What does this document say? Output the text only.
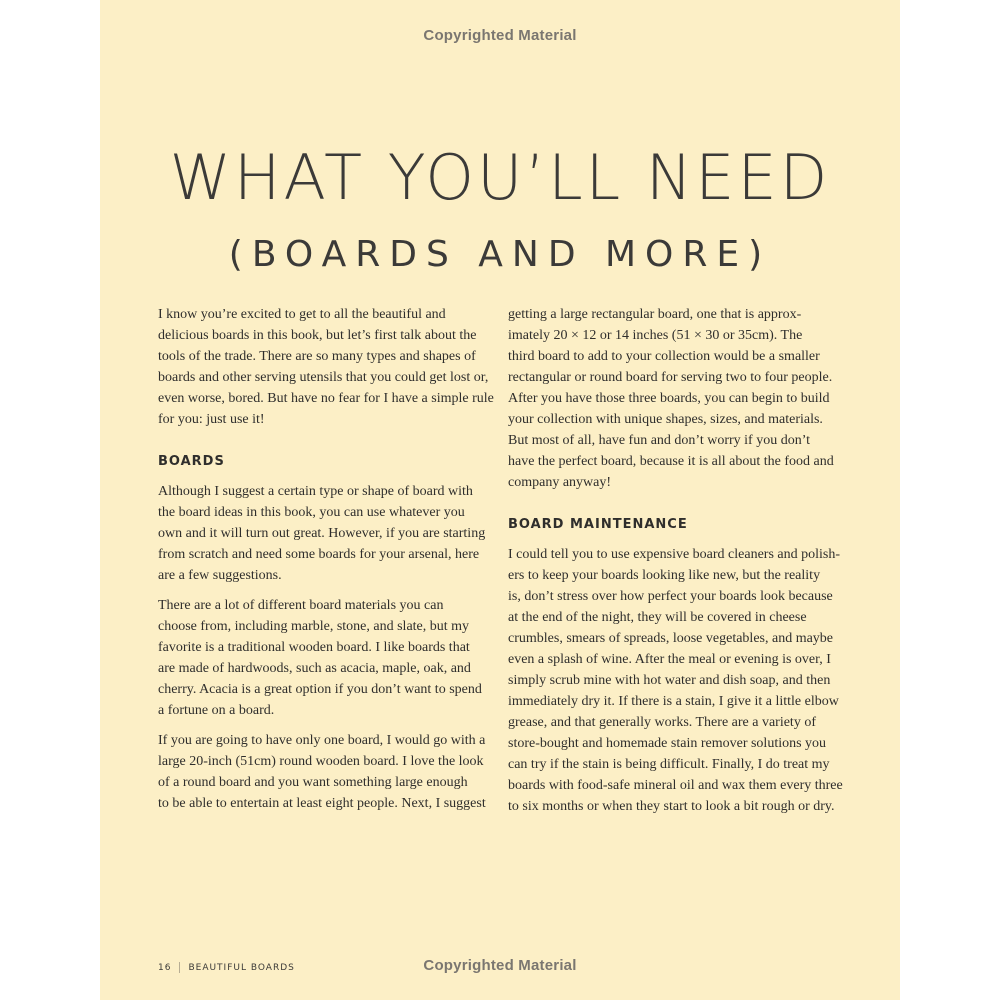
Copyrighted Material
WHAT YOU’LL NEED
(BOARDS AND MORE)

I know you’re excited to get to all the beautiful and
delicious boards in this book, but let’s first talk about the
tools of the trade. There are so many types and shapes of
boards and other serving utensils that you could get lost or,
even worse, bored. But have no fear for I have a simple rule
for you: just use it!

BOARDS

Although I suggest a certain type or shape of board with
the board ideas in this book, you can use whatever you
own and it will turn out great. However, if you are starting
from scratch and need some boards for your arsenal, here
are a few suggestions.

There are a lot of different board materials you can
choose from, including marble, stone, and slate, but my
favorite is a traditional wooden board. I like boards that
are made of hardwoods, such as acacia, maple, oak, and
cherry. Acacia is a great option if you don’t want to spend
a fortune on a board.

If you are going to have only one board, I would go with a
large 20-inch (51cm) round wooden board. I love the look
of a round board and you want something large enough
to be able to entertain at least eight people. Next, I suggest

getting a large rectangular board, one that is approx-
imately 20 × 12 or 14 inches (51 × 30 or 35cm). The
third board to add to your collection would be a smaller
rectangular or round board for serving two to four people.
After you have those three boards, you can begin to build
your collection with unique shapes, sizes, and materials.
But most of all, have fun and don’t worry if you don’t
have the perfect board, because it is all about the food and
company anyway!

BOARD MAINTENANCE

I could tell you to use expensive board cleaners and polish-
ers to keep your boards looking like new, but the reality
is, don’t stress over how perfect your boards look because
at the end of the night, they will be covered in cheese
crumbles, smears of spreads, loose vegetables, and maybe
even a splash of wine. After the meal or evening is over, I
simply scrub mine with hot water and dish soap, and then
immediately dry it. If there is a stain, I give it a little elbow
grease, and that generally works. There are a variety of
store-bought and homemade stain remover solutions you
can try if the stain is being difficult. Finally, I do treat my
boards with food-safe mineral oil and wax them every three
to six months or when they start to look a bit rough or dry.

16 BEAUTIFUL BOARDS	Copyrighted Material
